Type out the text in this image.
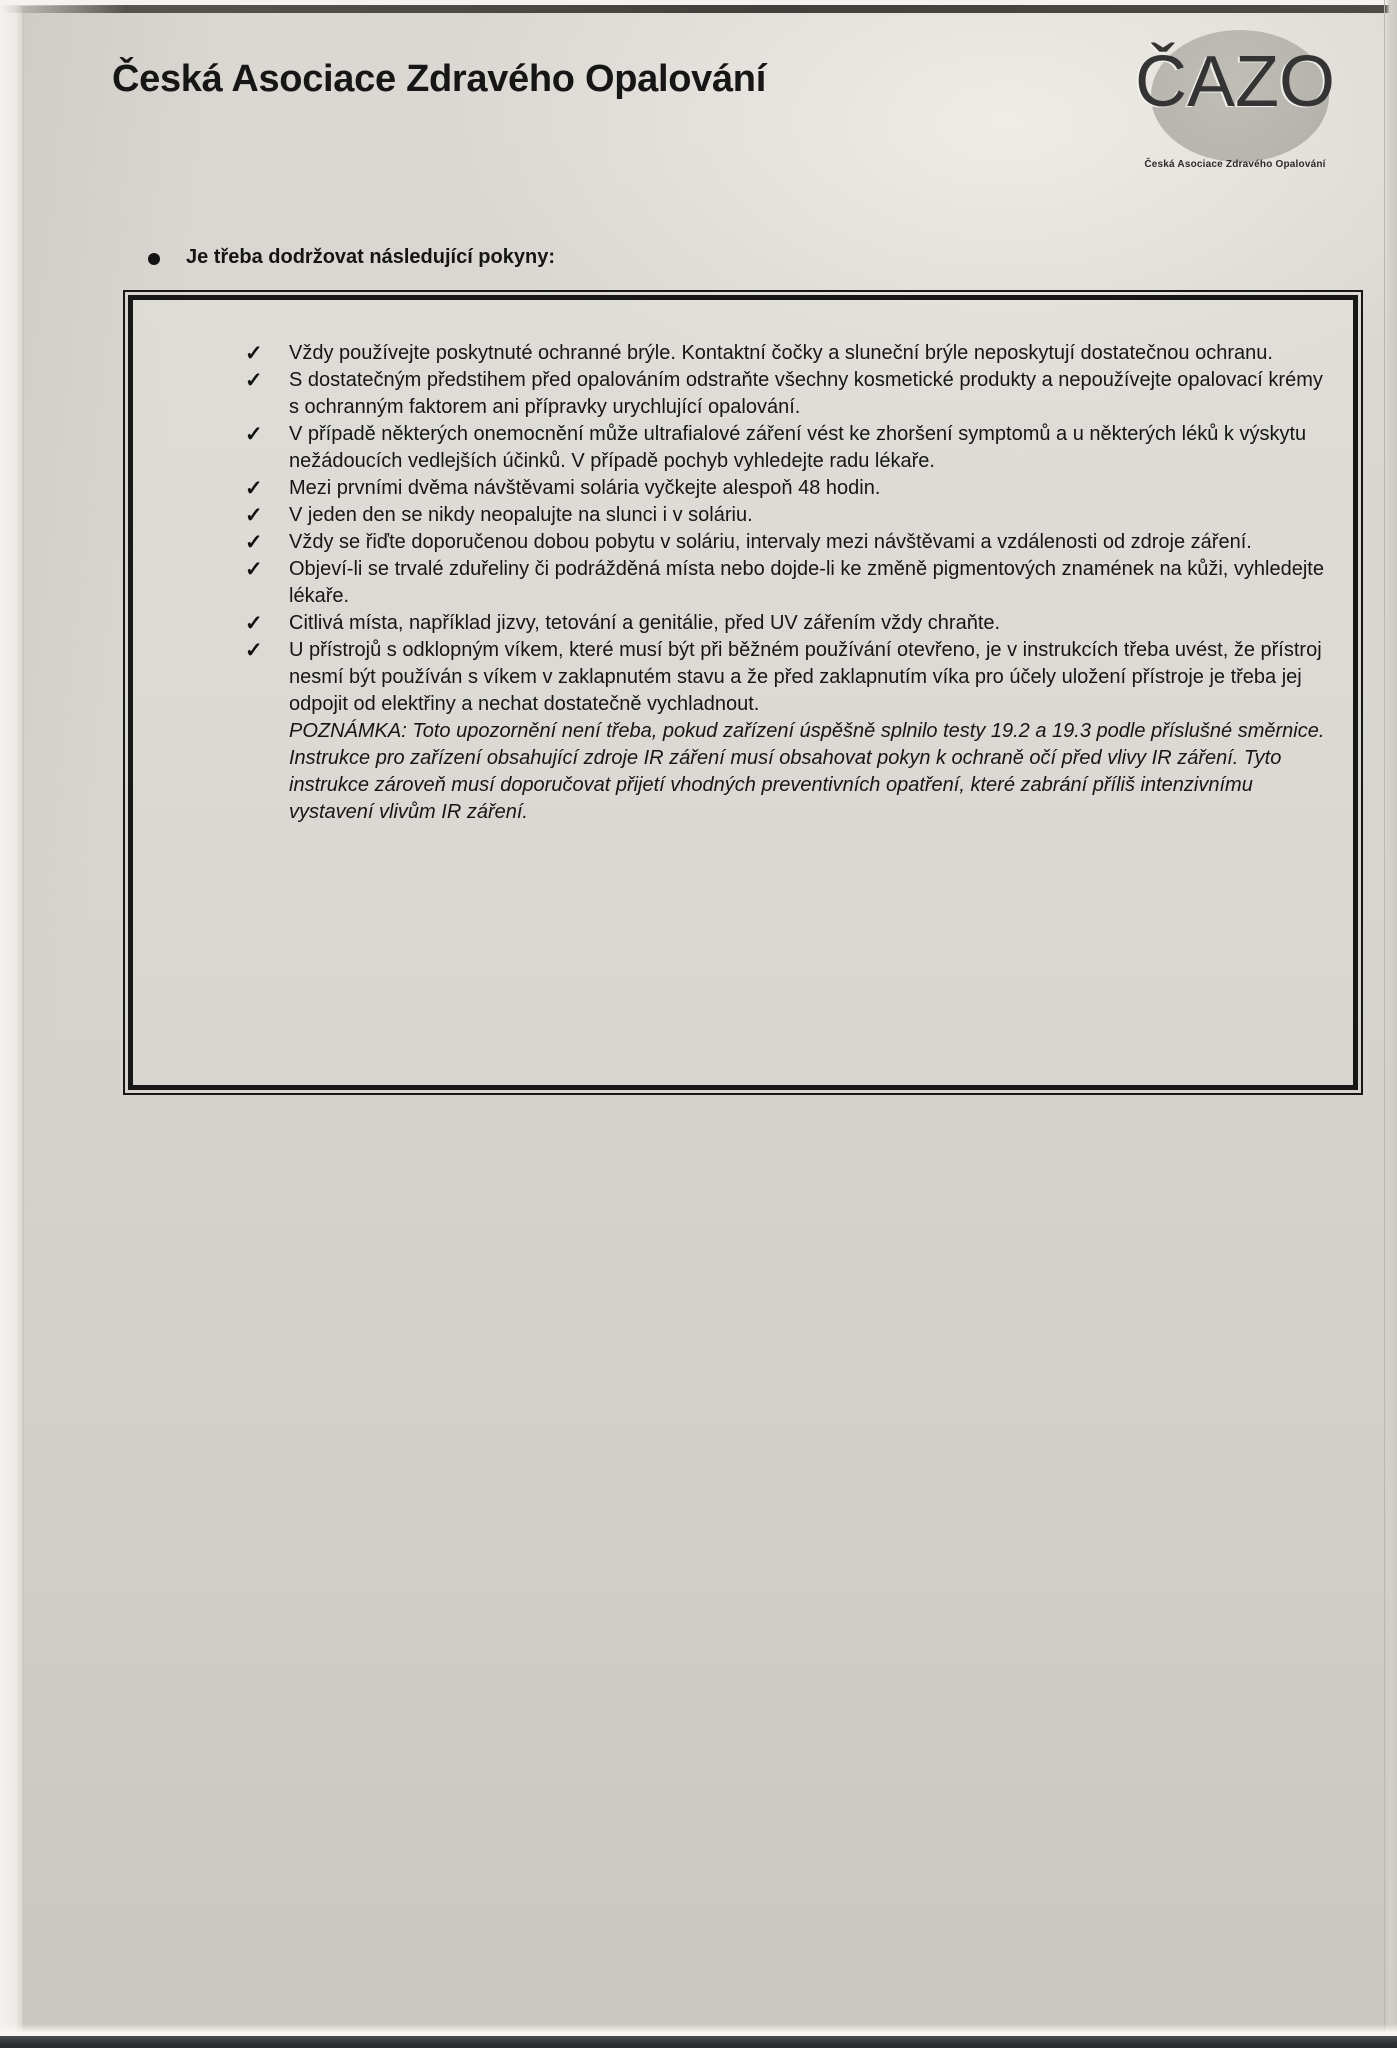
Česká Asociace Zdravého Opalování	ČAZO
Česká Asociace Zdravého Opalování
Je třeba dodržovat následující pokyny:
✓ Vždy používejte poskytnuté ochranné brýle. Kontaktní čočky a sluneční brýle neposkytují dostatečnou ochranu.
✓ S dostatečným předstihem před opalováním odstraňte všechny kosmetické produkty a nepoužívejte opalovací krémy s ochranným faktorem ani přípravky urychlující opalování.
✓ V případě některých onemocnění může ultrafialové záření vést ke zhoršení symptomů a u některých léků k výskytu nežádoucích vedlejších účinků. V případě pochyb vyhledejte radu lékaře.
✓ Mezi prvními dvěma návštěvami solária vyčkejte alespoň 48 hodin.
✓ V jeden den se nikdy neopalujte na slunci i v soláriu.
✓ Vždy se řiďte doporučenou dobou pobytu v soláriu, intervaly mezi návštěvami a vzdálenosti od zdroje záření.
✓ Objeví-li se trvalé zduřeliny či podrážděná místa nebo dojde-li ke změně pigmentových znamének na kůži, vyhledejte lékaře.
✓ Citlivá místa, například jizvy, tetování a genitálie, před UV zářením vždy chraňte.
✓ U přístrojů s odklopným víkem, které musí být při běžném používání otevřeno, je v instrukcích třeba uvést, že přístroj nesmí být používán s víkem v zaklapnutém stavu a že před zaklapnutím víka pro účely uložení přístroje je třeba jej odpojit od elektřiny a nechat dostatečně vychladnout.
POZNÁMKA: Toto upozornění není třeba, pokud zařízení úspěšně splnilo testy 19.2 a 19.3 podle příslušné směrnice. Instrukce pro zařízení obsahující zdroje IR záření musí obsahovat pokyn k ochraně očí před vlivy IR záření. Tyto instrukce zároveň musí doporučovat přijetí vhodných preventivních opatření, které zabrání příliš intenzivnímu vystavení vlivům IR záření.
